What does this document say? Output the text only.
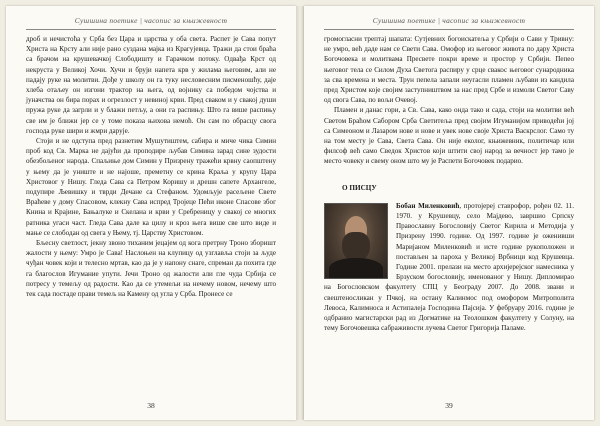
Сушшина поетике | часопис за књижевност

дроб и нечистоћа у Срба без Цара и царства у оба света. Распет је Сава попут Христа на Крсту али није рано суздана мајка из Крагујевца. Тражи да стои браћа са брачом на крушевачкој Слободишту и Гарачком потоку. Одвађа Крст од некруста у Великој Хочи. Хучи и бруји напета крв у жилама његовим, али не падају руке на молитви. Дође у школу он га туку несловесним писменошћу, даје хлеба отаљеу он изгони трактор на њега, од војнику са победом чојства и јуначства он бира порах и огрезлост у невиној крви. Пред сваком и у свакој души пружа руке да загрли и у блажи петљу, а они га распињу. Што га више распињу све им је ближи јер се у томе показа њихова немоћ. Он сам по обрасцу свога господа руке шири и жмри дарује.

Стоји и не одступа пред разнетим Мушутиштем, сабира и миче чика Симин проб код Св. Марка не дајући да проподире љубав Симина зарад сине зудости обезбољеног народа. Спаљиње дом Симин у Призрену тражећи крвну саопштену у њему да је униште и не најоше, преметну се крина Краља у крупу Цара Христовог у Нишу. Гледа Сава са Петром Коришу и дрешн сапете Архангеле, подупире Љевишку и тврди Дечане са Стефаном. Удомљује расељене Свете Враћеве у дому Спасовом, клекну Сава испред Тројеце Пећи иконе Спасове због Книна и Крајине, Бањалуке и Скелана и крви у Сребреницу у свакој се многих ратника угаси част. Гледа Сава дале ка цилу и кроз њега више све што виде и мање се слободан од свега у Њему, тј. Царству Христовом.

Бљесну светлост, јекну звоно тиханим јецајем од кога претрну Троно зборишт жалости у њему: Умро је Сава! Наслоњен на клупицу од узглавља стоји за људе чуђан човек који и телесно мртав, као да је у напону снаге, спреман да похита где га благослов Игумание упути. Јечи Троно од жалости али гле чуда Србија се потресу у темељу од радости. Као да се утемељи на нечему новом, нечему што тек сада постаде прави темељ на Камену од угла у Срба. Пронесе се

38
Сушшина поетике | часопис за књижевност

громогласни трептај шапата: Сутјевних богоискатеља у Србији о Сави у Тривну: не умро, већ даде нам се Свети Сава. Омофор из његовог живота по дару Христа Богочовека и молитвама Пресвете покри време и простор у Србији. Пепео његовог тела се Силом Духа Светога распиру у срце свакос његовог сународника за сва времена и места. Трун пепела запали неугасли пламен љубави из кандила пред Христом које својим заступништвом за нас пред Србе и измоли Светог Саву од свога Сава, по вољи Очевој.

Пламен и данас гори, а Св. Сава, како онда тако и сада, стоји на молитви већ Светом Браћом Сабором Срба Светитеља пред својим Игуманијом приводећи јој са Симеоном и Лазаром нове и нове и увек нове своје Христа Васкрслог. Само ту на том месту је Сава, Света Сава. Он није еколог, књижевник, политичар или филсоф већ само Сведок Христов који штити свој народ за вечност јер тамо је место човеку и свему оном што му је Распети Богочовек подарио.

О ПИСЦУ

Бобан Миленковић, протојереј ставрофор, рођен 02. 11. 1970. у Крушевцу, село Мајдево, завршио Српску Православну Богословију Светог Кирила и Методија у Призрену 1990. године. Од 1997. године је оженивши Маријаном Миленковић и истe године рукоположен и постављен за пароха у Великој Врбници код Крушевца. Године 2001. прелази на место архијерејског намесника у Брзуском богословију, именованог у Нишу. Дипломирао на Богословском факултету СПЦ у Београду 2007. До 2008. звани и свештеносликан у Пчкој, на остану Калинмос под омофором Митрополита Левоса, Калимносa и Астипалеја Господина Пајсија. У фебруару 2016. године је одбранио магистарски рад из Догматике на Теолошком факултету у Солуну, на тему Богочовешка сабраживости лучева Светог Григорија Паламе.

39
